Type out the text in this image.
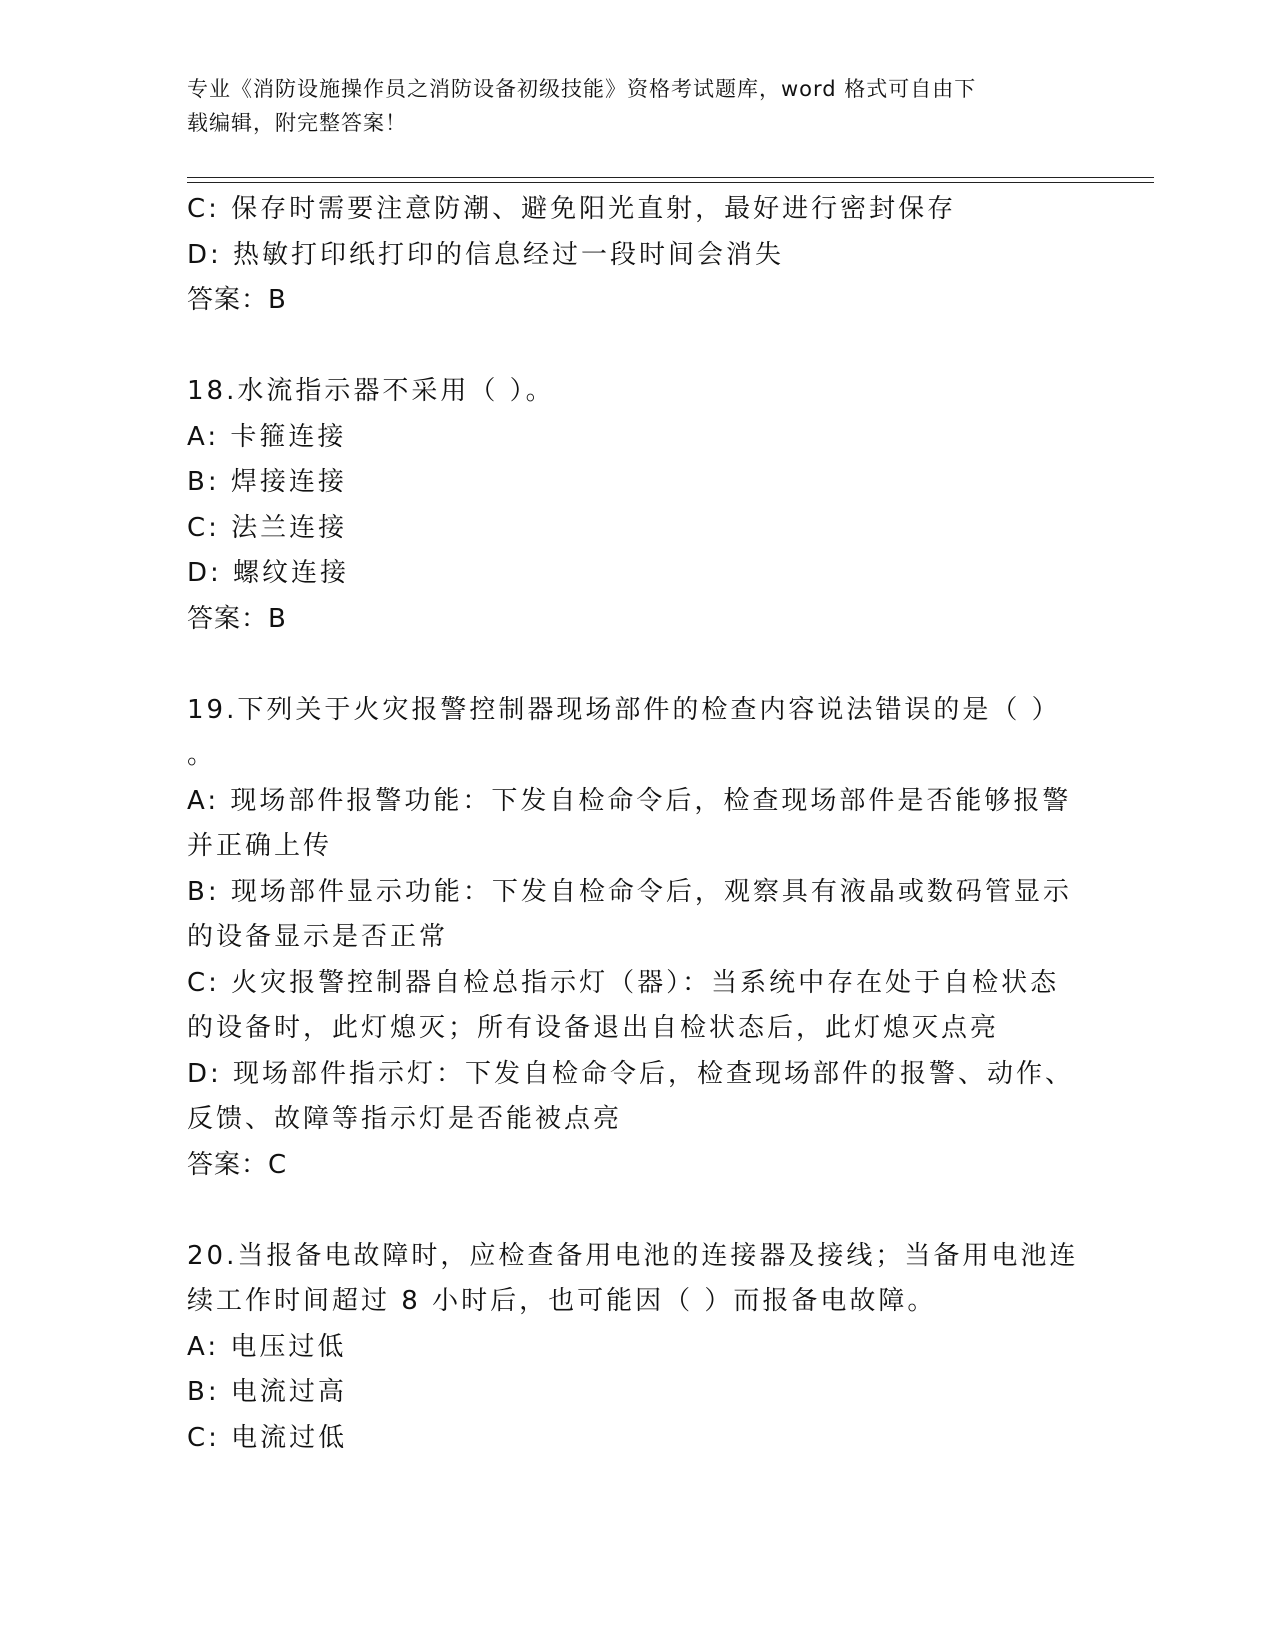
专业《消防设施操作员之消防设备初级技能》资格考试题库，word 格式可自由下
载编辑，附完整答案！
C: 保存时需要注意防潮、避免阳光直射，最好进行密封保存
D: 热敏打印纸打印的信息经过一段时间会消失
答案：B
18.水流指示器不采用（ ）。
A: 卡箍连接
B: 焊接连接
C: 法兰连接
D: 螺纹连接
答案：B
19.下列关于火灾报警控制器现场部件的检查内容说法错误的是（ ）
。
A: 现场部件报警功能：下发自检命令后，检查现场部件是否能够报警
并正确上传
B: 现场部件显示功能：下发自检命令后，观察具有液晶或数码管显示
的设备显示是否正常
C: 火灾报警控制器自检总指示灯（器）：当系统中存在处于自检状态
的设备时，此灯熄灭；所有设备退出自检状态后，此灯熄灭点亮
D: 现场部件指示灯：下发自检命令后，检查现场部件的报警、动作、
反馈、故障等指示灯是否能被点亮
答案：C
20.当报备电故障时，应检查备用电池的连接器及接线；当备用电池连
续工作时间超过 8 小时后，也可能因（ ）而报备电故障。
A: 电压过低
B: 电流过高
C: 电流过低
